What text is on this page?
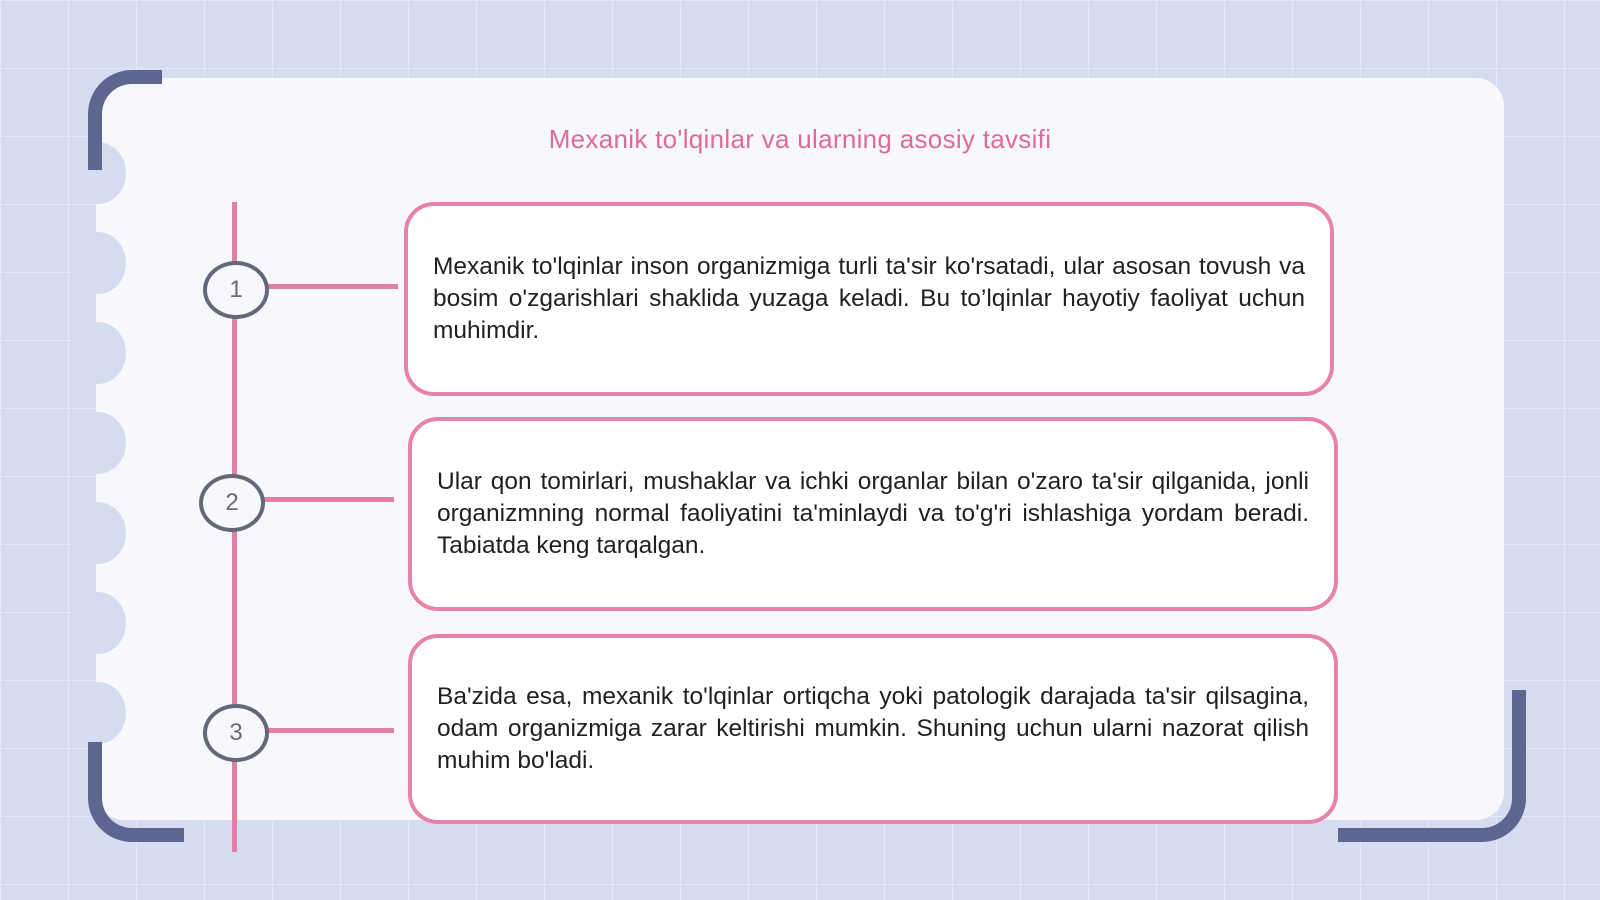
Mexanik to'lqinlar va ularning asosiy tavsifi
1

Mexanik to'lqinlar inson organizmiga turli ta'sir ko'rsatadi, ular asosan tovush va bosim o'zgarishlari shaklida yuzaga keladi. Bu to’lqinlar hayotiy faoliyat uchun muhimdir.

2

Ular qon tomirlari, mushaklar va ichki organlar bilan o'zaro ta'sir qilganida, jonli organizmning normal faoliyatini ta'minlaydi va to'g'ri ishlashiga yordam beradi. Tabiatda keng tarqalgan.

3

Ba'zida esa, mexanik to'lqinlar ortiqcha yoki patologik darajada ta'sir qilsagina, odam organizmiga zarar keltirishi mumkin. Shuning uchun ularni nazorat qilish muhim bo'ladi.
